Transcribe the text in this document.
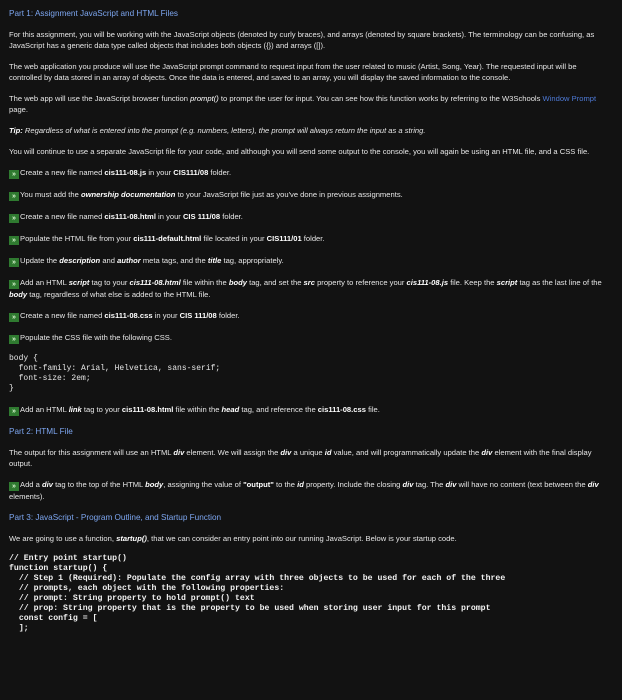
Part 1: Assignment JavaScript and HTML Files

For this assignment, you will be working with the JavaScript objects (denoted by curly braces), and arrays (denoted by square brackets). The terminology can be confusing, as JavaScript has a generic data type called objects that includes both objects ({}) and arrays ([]).

The web application you produce will use the JavaScript prompt command to request input from the user related to music (Artist, Song, Year). The requested input will be controlled by data stored in an array of objects. Once the data is entered, and saved to an array, you will display the saved information to the console.

The web app will use the JavaScript browser function prompt() to prompt the user for input. You can see how this function works by referring to the W3Schools Window Prompt page.

Tip: Regardless of what is entered into the prompt (e.g. numbers, letters), the prompt will always return the input as a string.

You will continue to use a separate JavaScript file for your code, and although you will send some output to the console, you will again be using an HTML file, and a CSS file.

» Create a new file named cis111-08.js in your CIS111/08 folder.
» You must add the ownership documentation to your JavaScript file just as you've done in previous assignments.
» Create a new file named cis111-08.html in your CIS 111/08 folder.
» Populate the HTML file from your cis111-default.html file located in your CIS111/01 folder.
» Update the description and author meta tags, and the title tag, appropriately.
» Add an HTML script tag to your cis111-08.html file within the body tag, and set the src property to reference your cis111-08.js file. Keep the script tag as the last line of the body tag, regardless of what else is added to the HTML file.
» Create a new file named cis111-08.css in your CIS 111/08 folder.
» Populate the CSS file with the following CSS.
body {
font-family: Arial, Helvetica, sans-serif;
font-size: 2em;
}
» Add an HTML link tag to your cis111-08.html file within the head tag, and reference the cis111-08.css file.
Part 2: HTML File

The output for this assignment will use an HTML div element. We will assign the div a unique id value, and will programmatically update the div element with the final display output.

» Add a div tag to the top of the HTML body, assigning the value of "output" to the id property. Include the closing div tag. The div will have no content (text between the div elements).
Part 3: JavaScript - Program Outline, and Startup Function

We are going to use a function, startup(), that we can consider an entry point into our running JavaScript. Below is your startup code.

// Entry point startup()
function startup() {
// Step 1 (Required): Populate the config array with three objects to be used for each of the three
// prompts, each object with the following properties:
// prompt: String property to hold prompt() text
// prop: String property that is the property to be used when storing user input for this prompt
const config = [
];
